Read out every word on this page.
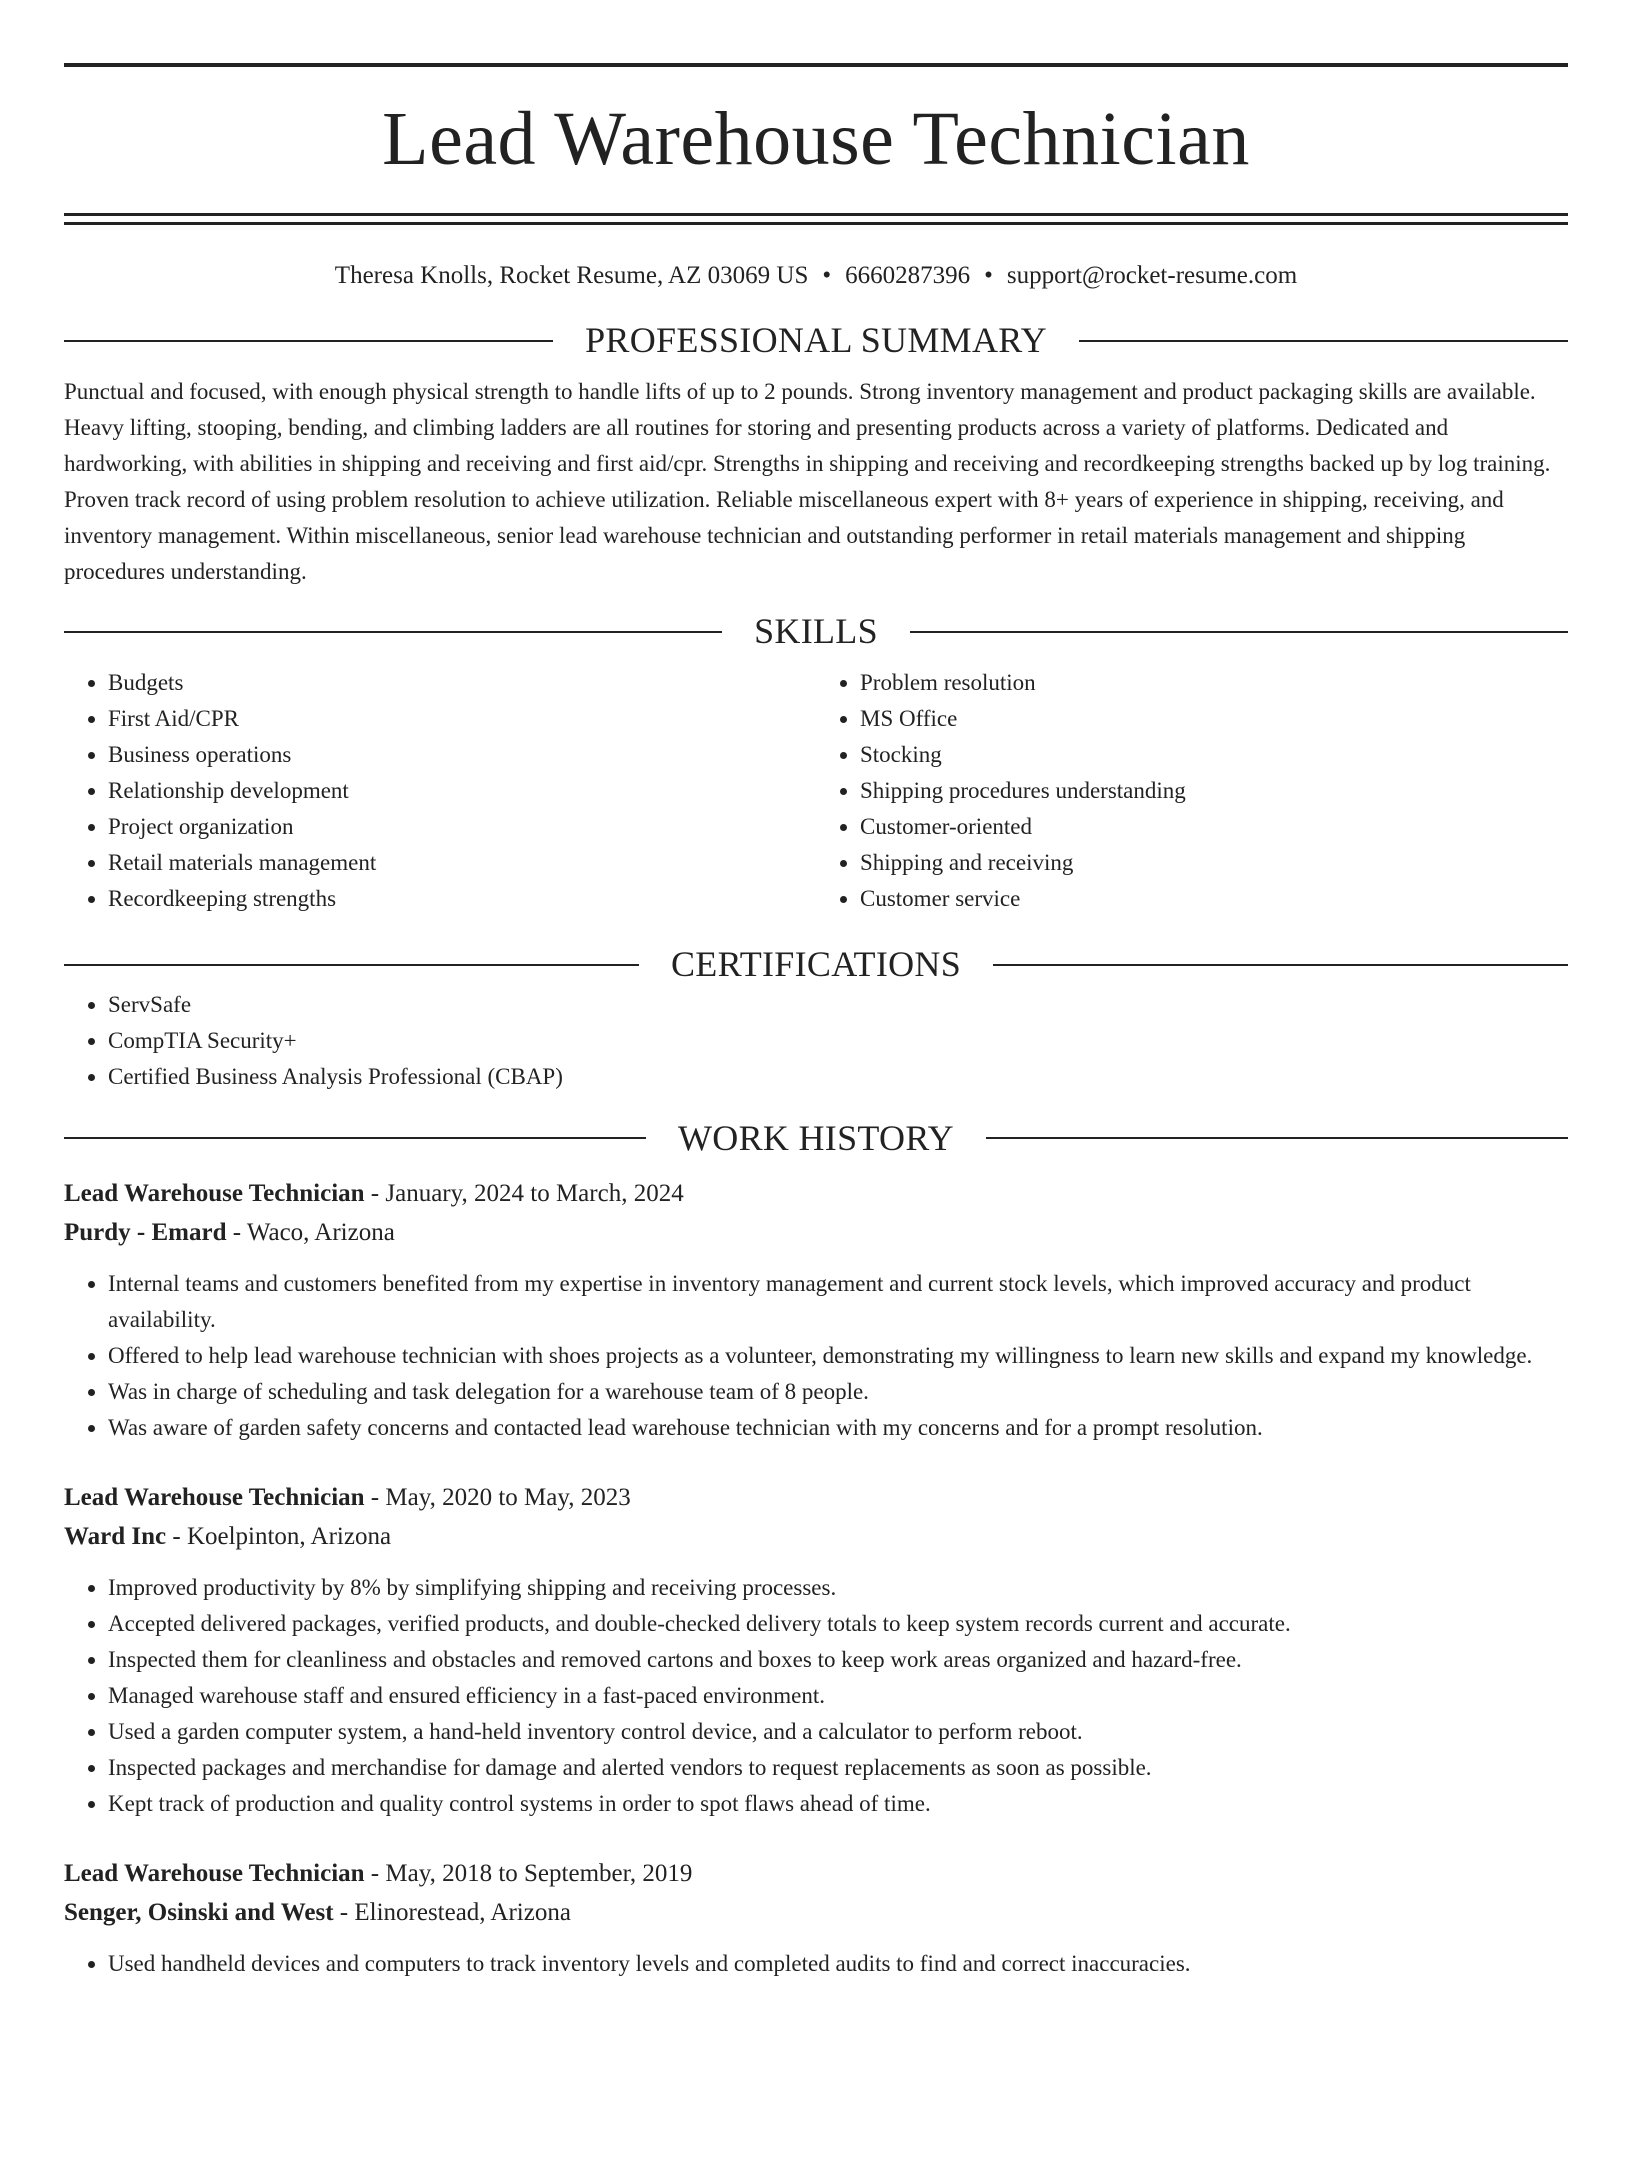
Lead Warehouse Technician
Theresa Knolls, Rocket Resume, AZ 03069 US • 6660287396 • support@rocket-resume.com
PROFESSIONAL SUMMARY

Punctual and focused, with enough physical strength to handle lifts of up to 2 pounds. Strong inventory management and product packaging skills are available. Heavy lifting, stooping, bending, and climbing ladders are all routines for storing and presenting products across a variety of platforms. Dedicated and hardworking, with abilities in shipping and receiving and first aid/cpr. Strengths in shipping and receiving and recordkeeping strengths backed up by log training. Proven track record of using problem resolution to achieve utilization. Reliable miscellaneous expert with 8+ years of experience in shipping, receiving, and inventory management. Within miscellaneous, senior lead warehouse technician and outstanding performer in retail materials management and shipping procedures understanding.

SKILLS
• Budgets
• First Aid/CPR
• Business operations
• Relationship development
• Project organization
• Retail materials management
• Recordkeeping strengths
• Problem resolution
• MS Office
• Stocking
• Shipping procedures understanding
• Customer-oriented
• Shipping and receiving
• Customer service
CERTIFICATIONS
• ServSafe
• CompTIA Security+
• Certified Business Analysis Professional (CBAP)
WORK HISTORY
Lead Warehouse Technician - January, 2024 to March, 2024
Purdy - Emard - Waco, Arizona
• Internal teams and customers benefited from my expertise in inventory management and current stock levels, which improved accuracy and product availability.
• Offered to help lead warehouse technician with shoes projects as a volunteer, demonstrating my willingness to learn new skills and expand my knowledge.
• Was in charge of scheduling and task delegation for a warehouse team of 8 people.
• Was aware of garden safety concerns and contacted lead warehouse technician with my concerns and for a prompt resolution.
Lead Warehouse Technician - May, 2020 to May, 2023
Ward Inc - Koelpinton, Arizona
• Improved productivity by 8% by simplifying shipping and receiving processes.
• Accepted delivered packages, verified products, and double-checked delivery totals to keep system records current and accurate.
• Inspected them for cleanliness and obstacles and removed cartons and boxes to keep work areas organized and hazard-free.
• Managed warehouse staff and ensured efficiency in a fast-paced environment.
• Used a garden computer system, a hand-held inventory control device, and a calculator to perform reboot.
• Inspected packages and merchandise for damage and alerted vendors to request replacements as soon as possible.
• Kept track of production and quality control systems in order to spot flaws ahead of time.
Lead Warehouse Technician - May, 2018 to September, 2019
Senger, Osinski and West - Elinorestead, Arizona
• Used handheld devices and computers to track inventory levels and completed audits to find and correct inaccuracies.
